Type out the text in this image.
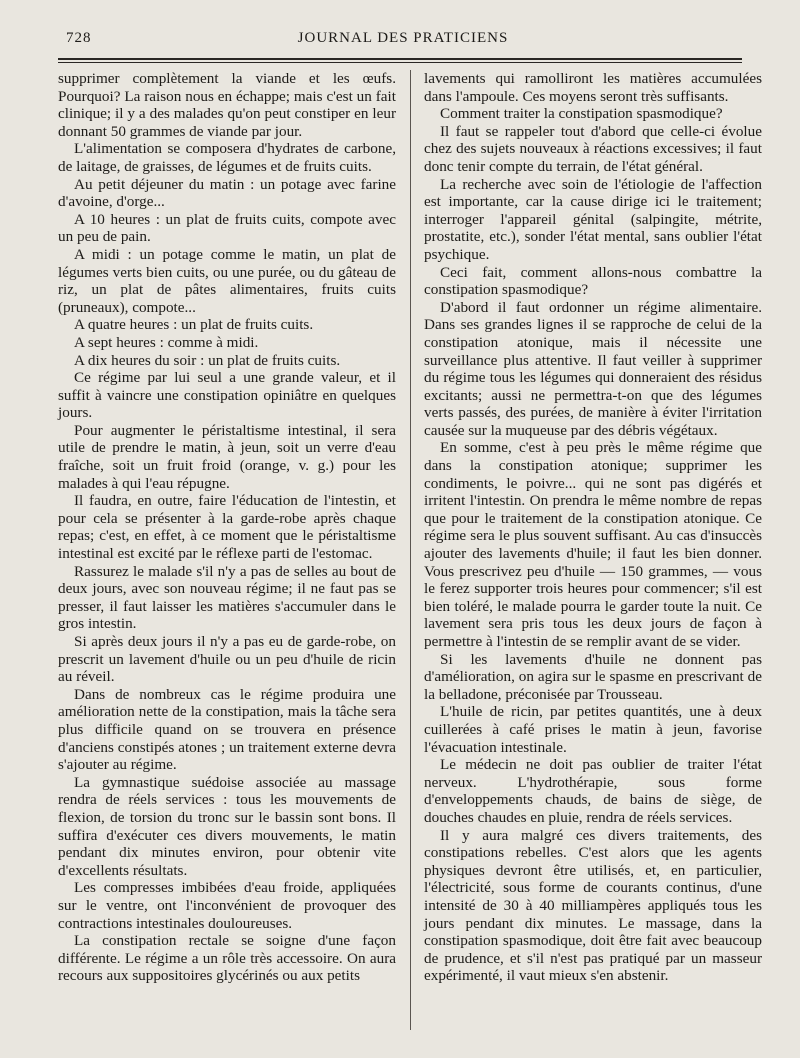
728	JOURNAL DES PRATICIENS

supprimer complètement la viande et les œufs. Pourquoi? La raison nous en échappe; mais c'est un fait clinique; il y a des malades qu'on peut constiper en leur donnant 50 grammes de viande par jour.

L'alimentation se composera d'hydrates de carbone, de laitage, de graisses, de légumes et de fruits cuits.

Au petit déjeuner du matin : un potage avec farine d'avoine, d'orge...

A 10 heures : un plat de fruits cuits, compote avec un peu de pain.

A midi : un potage comme le matin, un plat de légumes verts bien cuits, ou une purée, ou du gâteau de riz, un plat de pâtes alimentaires, fruits cuits (pruneaux), compote...

A quatre heures : un plat de fruits cuits.

A sept heures : comme à midi.

A dix heures du soir : un plat de fruits cuits.

Ce régime par lui seul a une grande valeur, et il suffit à vaincre une constipation opiniâtre en quelques jours.

Pour augmenter le péristaltisme intestinal, il sera utile de prendre le matin, à jeun, soit un verre d'eau fraîche, soit un fruit froid (orange, v. g.) pour les malades à qui l'eau répugne.

Il faudra, en outre, faire l'éducation de l'intestin, et pour cela se présenter à la garde-robe après chaque repas; c'est, en effet, à ce moment que le péristaltisme intestinal est excité par le réflexe parti de l'estomac.

Rassurez le malade s'il n'y a pas de selles au bout de deux jours, avec son nouveau régime; il ne faut pas se presser, il faut laisser les matières s'accumuler dans le gros intestin.

Si après deux jours il n'y a pas eu de garde-robe, on prescrit un lavement d'huile ou un peu d'huile de ricin au réveil.

Dans de nombreux cas le régime produira une amélioration nette de la constipation, mais la tâche sera plus difficile quand on se trouvera en présence d'anciens constipés atones ; un traitement externe devra s'ajouter au régime.

La gymnastique suédoise associée au massage rendra de réels services : tous les mouvements de flexion, de torsion du tronc sur le bassin sont bons. Il suffira d'exécuter ces divers mouvements, le matin pendant dix minutes environ, pour obtenir vite d'excellents résultats.

Les compresses imbibées d'eau froide, appliquées sur le ventre, ont l'inconvénient de provoquer des contractions intestinales douloureuses.

La constipation rectale se soigne d'une façon différente. Le régime a un rôle très accessoire. On aura recours aux suppositoires glycérinés ou aux petits

lavements qui ramolliront les matières accumulées dans l'ampoule. Ces moyens seront très suffisants.

Comment traiter la constipation spasmodique?

Il faut se rappeler tout d'abord que celle-ci évolue chez des sujets nouveaux à réactions excessives; il faut donc tenir compte du terrain, de l'état général.

La recherche avec soin de l'étiologie de l'affection est importante, car la cause dirige ici le traitement; interroger l'appareil génital (salpingite, métrite, prostatite, etc.), sonder l'état mental, sans oublier l'état psychique.

Ceci fait, comment allons-nous combattre la constipation spasmodique?

D'abord il faut ordonner un régime alimentaire. Dans ses grandes lignes il se rapproche de celui de la constipation atonique, mais il nécessite une surveillance plus attentive. Il faut veiller à supprimer du régime tous les légumes qui donneraient des résidus excitants; aussi ne permettra-t-on que des légumes verts passés, des purées, de manière à éviter l'irritation causée sur la muqueuse par des débris végétaux.

En somme, c'est à peu près le même régime que dans la constipation atonique; supprimer les condiments, le poivre... qui ne sont pas digérés et irritent l'intestin. On prendra le même nombre de repas que pour le traitement de la constipation atonique. Ce régime sera le plus souvent suffisant. Au cas d'insuccès ajouter des lavements d'huile; il faut les bien donner. Vous prescrivez peu d'huile — 150 grammes, — vous le ferez supporter trois heures pour commencer; s'il est bien toléré, le malade pourra le garder toute la nuit. Ce lavement sera pris tous les deux jours de façon à permettre à l'intestin de se remplir avant de se vider.

Si les lavements d'huile ne donnent pas d'amélioration, on agira sur le spasme en prescrivant de la belladone, préconisée par Trousseau.

L'huile de ricin, par petites quantités, une à deux cuillerées à café prises le matin à jeun, favorise l'évacuation intestinale.

Le médecin ne doit pas oublier de traiter l'état nerveux. L'hydrothérapie, sous forme d'enveloppements chauds, de bains de siège, de douches chaudes en pluie, rendra de réels services.

Il y aura malgré ces divers traitements, des constipations rebelles. C'est alors que les agents physiques devront être utilisés, et, en particulier, l'électricité, sous forme de courants continus, d'une intensité de 30 à 40 milliampères appliqués tous les jours pendant dix minutes. Le massage, dans la constipation spasmodique, doit être fait avec beaucoup de prudence, et s'il n'est pas pratiqué par un masseur expérimenté, il vaut mieux s'en abstenir.
